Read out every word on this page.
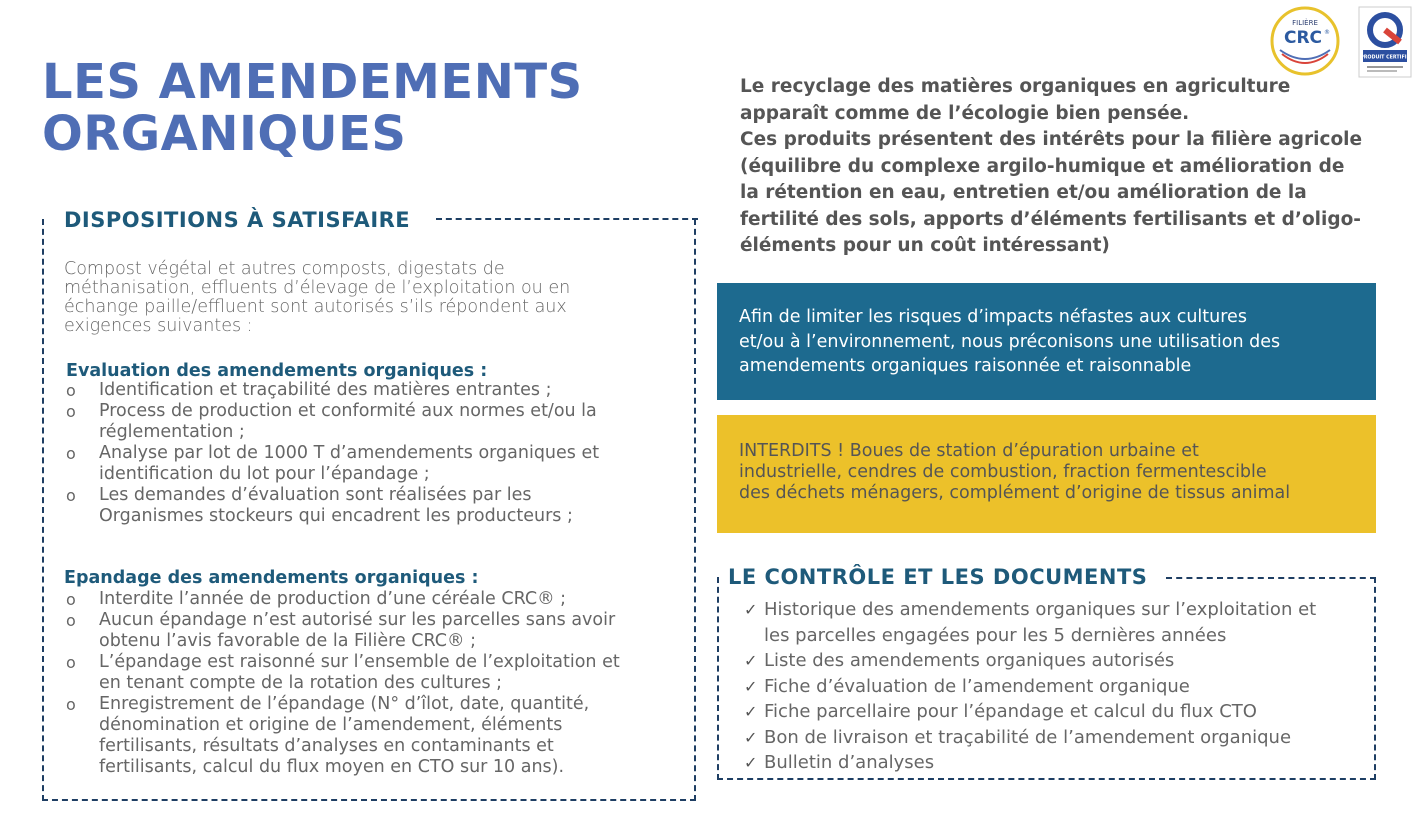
LES AMENDEMENTS
ORGANIQUES
FILIÈRE
CRC ®
PRODUIT CERTIFIÉ
Le recyclage des matières organiques en agriculture
apparaît comme de l’écologie bien pensée.
Ces produits présentent des intérêts pour la filière agricole
(équilibre du complexe argilo-humique et amélioration de
la rétention en eau, entretien et/ou amélioration de la
fertilité des sols, apports d’éléments fertilisants et d’oligo-
éléments pour un coût intéressant)
DISPOSITIONS À SATISFAIRE
Compost végétal et autres composts, digestats de
méthanisation, effluents d’élevage de l’exploitation ou en
échange paille/effluent sont autorisés s’ils répondent aux
exigences suivantes :
Evaluation des amendements organiques :
o Identification et traçabilité des matières entrantes ;
o Process de production et conformité aux normes et/ou la
réglementation ;
o Analyse par lot de 1000 T d’amendements organiques et
identification du lot pour l’épandage ;
o Les demandes d’évaluation sont réalisées par les
Organismes stockeurs qui encadrent les producteurs ;
Epandage des amendements organiques :
o Interdite l’année de production d’une céréale CRC® ;
o Aucun épandage n’est autorisé sur les parcelles sans avoir
obtenu l’avis favorable de la Filière CRC® ;
o L’épandage est raisonné sur l’ensemble de l’exploitation et
en tenant compte de la rotation des cultures ;
o Enregistrement de l’épandage (N° d’îlot, date, quantité,
dénomination et origine de l’amendement, éléments
fertilisants, résultats d’analyses en contaminants et
fertilisants, calcul du flux moyen en CTO sur 10 ans).
Afin de limiter les risques d’impacts néfastes aux cultures
et/ou à l’environnement, nous préconisons une utilisation des
amendements organiques raisonnée et raisonnable
INTERDITS ! Boues de station d’épuration urbaine et
industrielle, cendres de combustion, fraction fermentescible
des déchets ménagers, complément d’origine de tissus animal
LE CONTRÔLE ET LES DOCUMENTS
✓ Historique des amendements organiques sur l’exploitation et
les parcelles engagées pour les 5 dernières années
✓ Liste des amendements organiques autorisés
✓ Fiche d’évaluation de l’amendement organique
✓ Fiche parcellaire pour l’épandage et calcul du flux CTO
✓ Bon de livraison et traçabilité de l’amendement organique
✓ Bulletin d’analyses
